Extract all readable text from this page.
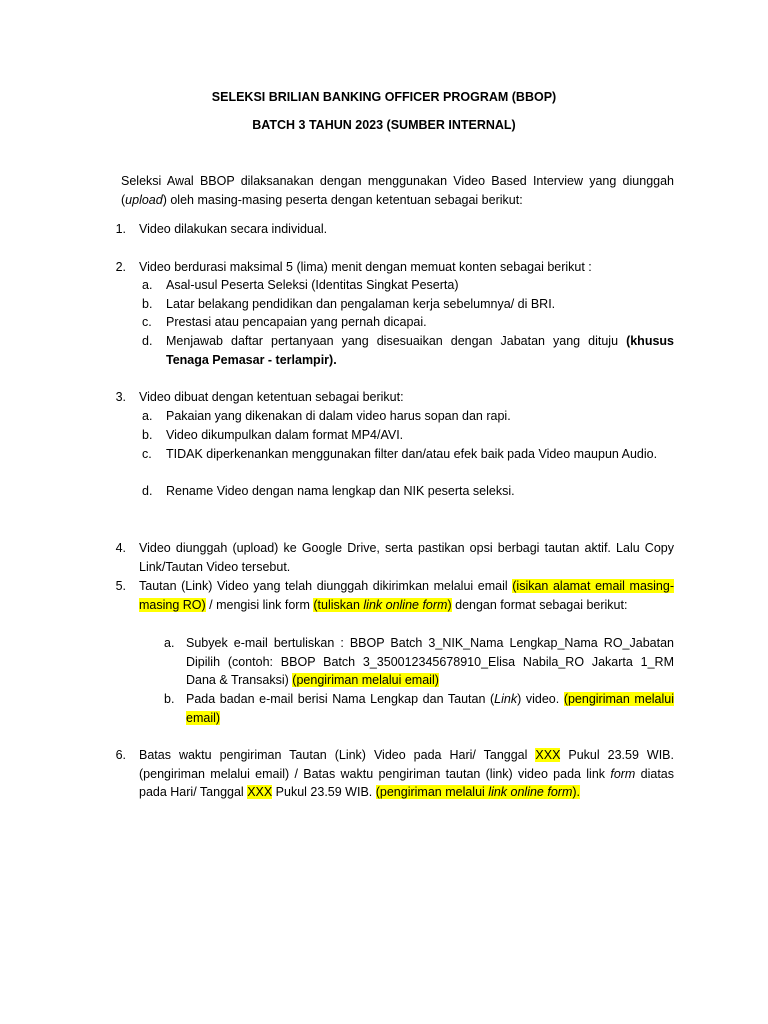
SELEKSI BRILIAN BANKING OFFICER PROGRAM (BBOP)

BATCH 3 TAHUN 2023 (SUMBER INTERNAL)

Seleksi Awal BBOP dilaksanakan dengan menggunakan Video Based Interview yang diunggah (upload) oleh masing-masing peserta dengan ketentuan sebagai berikut:

1. Video dilakukan secara individual.
2. Video berdurasi maksimal 5 (lima) menit dengan memuat konten sebagai berikut :
a.	Asal-usul Peserta Seleksi (Identitas Singkat Peserta)
b.	Latar belakang pendidikan dan pengalaman kerja sebelumnya/ di BRI.
c.	Prestasi atau pencapaian yang pernah dicapai.
d.	Menjawab daftar pertanyaan yang disesuaikan dengan Jabatan yang dituju (khusus Tenaga Pemasar - terlampir).
3. Video dibuat dengan ketentuan sebagai berikut:
a.	Pakaian yang dikenakan di dalam video harus sopan dan rapi.
b.	Video dikumpulkan dalam format MP4/AVI.
c.	TIDAK diperkenankan menggunakan filter dan/atau efek baik pada Video maupun Audio.
d.	Rename Video dengan nama lengkap dan NIK peserta seleksi.
4. Video diunggah (upload) ke Google Drive, serta pastikan opsi berbagi tautan aktif. Lalu Copy Link/Tautan Video tersebut.
5. Tautan (Link) Video yang telah diunggah dikirimkan melalui email (isikan alamat email masing-masing RO) / mengisi link form (tuliskan link online form) dengan format sebagai berikut:
a. Subyek e-mail bertuliskan : BBOP Batch 3_NIK_Nama Lengkap_Nama RO_Jabatan Dipilih (contoh: BBOP Batch 3_350012345678910_Elisa Nabila_RO Jakarta 1_RM Dana & Transaksi) (pengiriman melalui email)
b. Pada badan e-mail berisi Nama Lengkap dan Tautan (Link) video. (pengiriman melalui email)
6. Batas waktu pengiriman Tautan (Link) Video pada Hari/ Tanggal XXX Pukul 23.59 WIB. (pengiriman melalui email) / Batas waktu pengiriman tautan (link) video pada link form diatas pada Hari/ Tanggal XXX Pukul 23.59 WIB. (pengiriman melalui link online form).
